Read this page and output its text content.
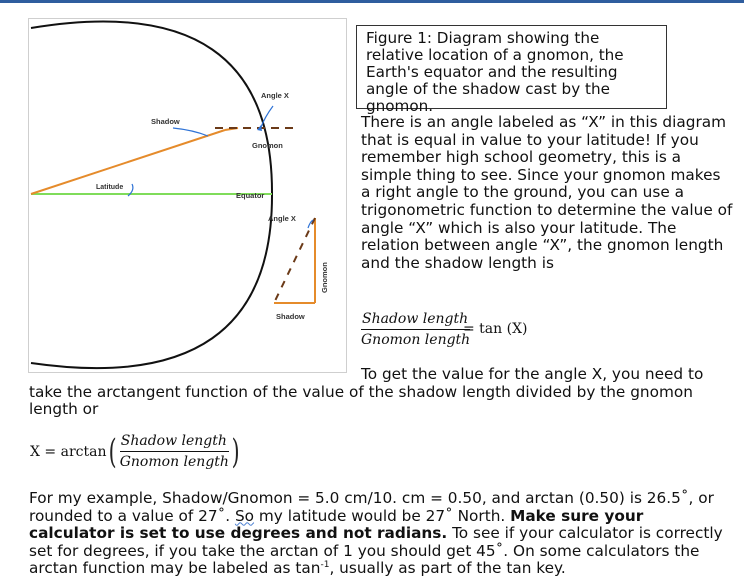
Shadow
Angle X
Gnomon
Latitude
Equator
Angle X
Gnomon
Shadow
Figure 1: Diagram showing the relative location of a gnomon, the Earth's equator and the resulting angle of the shadow cast by the gnomon.
There is an angle labeled as “X” in this diagram that is equal in value to your latitude! If you remember high school geometry, this is a simple thing to see. Since your gnomon makes a right angle to the ground, you can use a trigonometric function to determine the value of angle “X” which is also your latitude. The relation between angle “X”, the gnomon length and the shadow length is
$\frac{\text{Shadow length}}{\text{Gnomon length}}$
= tan (X)
To get the value for the angle X, you need to
take the arctangent function of the value of the shadow length divided by the gnomon length or
X = arctan ( $\frac{\text{Shadow length}}{\text{Gnomon length}}$ )
For my example, Shadow/Gnomon = 5.0 cm/10. cm = 0.50, and arctan (0.50) is 26.5˚, or rounded to a value of 27˚. So my latitude would be 27˚ North. Make sure your calculator is set to use degrees and not radians. To see if your calculator is correctly set for degrees, if you take the arctan of 1 you should get 45˚. On some calculators the arctan function may be labeled as $\tan^{-1}$, usually as part of the tan key.
